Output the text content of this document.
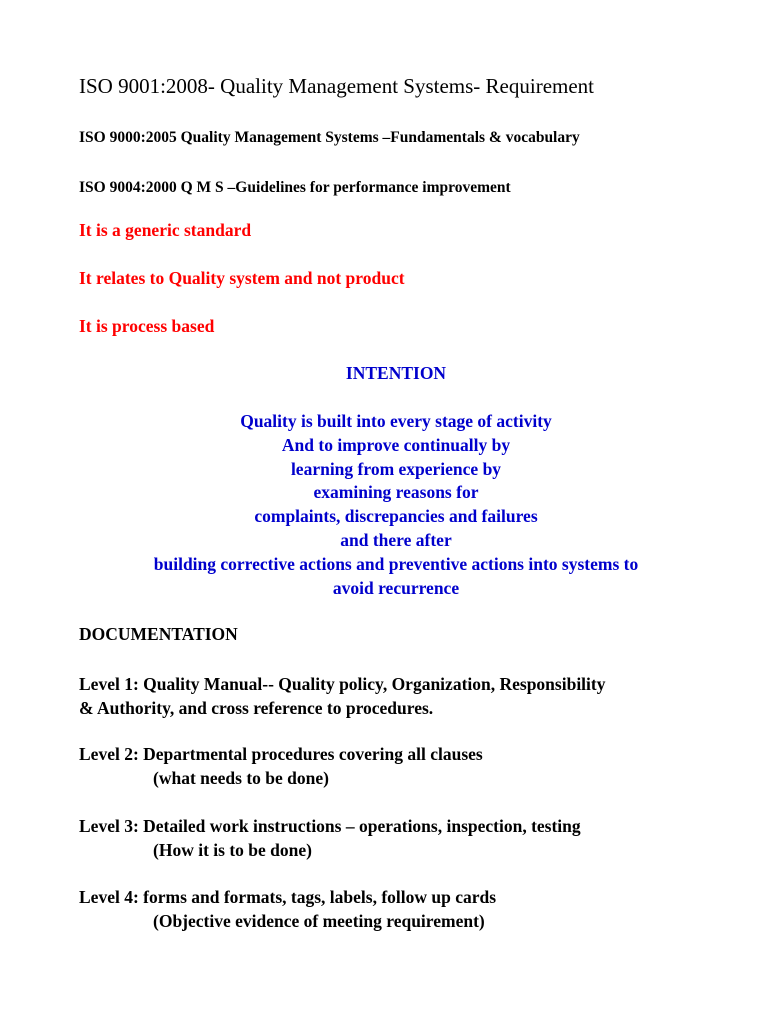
ISO 9001:2008- Quality Management Systems- Requirement
ISO 9000:2005 Quality Management Systems –Fundamentals & vocabulary
ISO 9004:2000 Q M S –Guidelines for performance improvement
It is a generic standard
It relates to Quality system and not product
It is process based
INTENTION
Quality is built into every stage of activity
And to improve continually by
learning from experience by
examining reasons for
complaints, discrepancies and failures
and there after
building corrective actions and preventive actions into systems to
avoid recurrence
DOCUMENTATION
Level 1: Quality Manual-- Quality policy, Organization, Responsibility
& Authority, and cross reference to procedures.
Level 2: Departmental procedures covering all clauses
(what needs to be done)
Level 3: Detailed work instructions – operations, inspection, testing
(How it is to be done)
Level 4: forms and formats, tags, labels, follow up cards
(Objective evidence of meeting requirement)
